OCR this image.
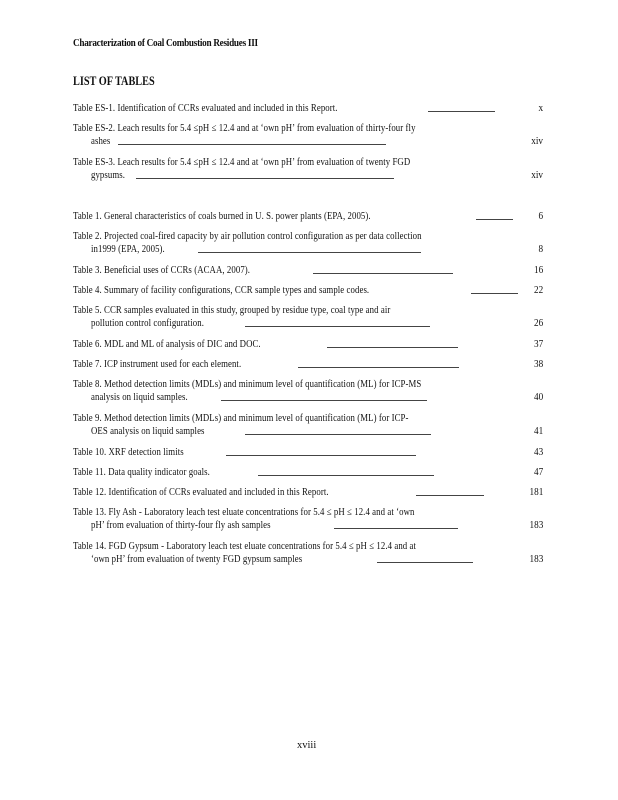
Characterization of Coal Combustion Residues III
LIST OF TABLES
Table ES-1. Identification of CCRs evaluated and included in this Report.	x
Table ES-2. Leach results for 5.4 ≤pH ≤ 12.4 and at ‘own pH’ from evaluation of thirty-four fly
ashes	xiv
Table ES-3. Leach results for 5.4 ≤pH ≤ 12.4 and at ‘own pH’ from evaluation of twenty FGD
gypsums.	xiv
Table 1. General characteristics of coals burned in U. S. power plants (EPA, 2005).	6
Table 2. Projected coal-fired capacity by air pollution control configuration as per data collection
in1999 (EPA, 2005).	8
Table 3. Beneficial uses of CCRs (ACAA, 2007).	16
Table 4. Summary of facility configurations, CCR sample types and sample codes.	22
Table 5. CCR samples evaluated in this study, grouped by residue type, coal type and air
pollution control configuration.	26
Table 6. MDL and ML of analysis of DIC and DOC.	37
Table 7. ICP instrument used for each element.	38
Table 8. Method detection limits (MDLs) and minimum level of quantification (ML) for ICP-MS
analysis on liquid samples.	40
Table 9. Method detection limits (MDLs) and minimum level of quantification (ML) for ICP-
OES analysis on liquid samples	41
Table 10. XRF detection limits	43
Table 11. Data quality indicator goals.	47
Table 12. Identification of CCRs evaluated and included in this Report.	181
Table 13. Fly Ash - Laboratory leach test eluate concentrations for 5.4 ≤ pH ≤ 12.4 and at ‘own
pH’ from evaluation of thirty-four fly ash samples	183
Table 14. FGD Gypsum - Laboratory leach test eluate concentrations for 5.4 ≤ pH ≤ 12.4 and at
‘own pH’ from evaluation of twenty FGD gypsum samples	183
xviii
